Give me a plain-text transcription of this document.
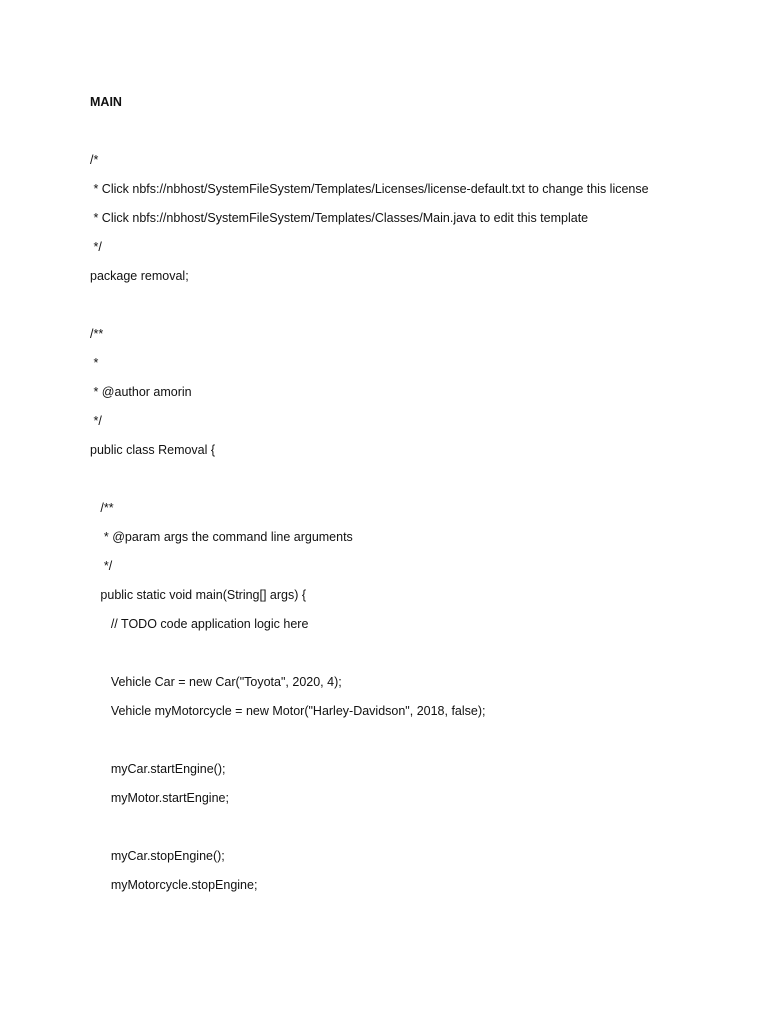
MAIN
/*
* Click nbfs://nbhost/SystemFileSystem/Templates/Licenses/license-default.txt to change this license
* Click nbfs://nbhost/SystemFileSystem/Templates/Classes/Main.java to edit this template
*/
package removal;
/**
*
* @author amorin
*/
public class Removal {
/**
* @param args the command line arguments
*/
public static void main(String[] args) {
// TODO code application logic here
Vehicle Car = new Car("Toyota", 2020, 4);
Vehicle myMotorcycle = new Motor("Harley-Davidson", 2018, false);
myCar.startEngine();
myMotor.startEngine;
myCar.stopEngine();
myMotorcycle.stopEngine;
